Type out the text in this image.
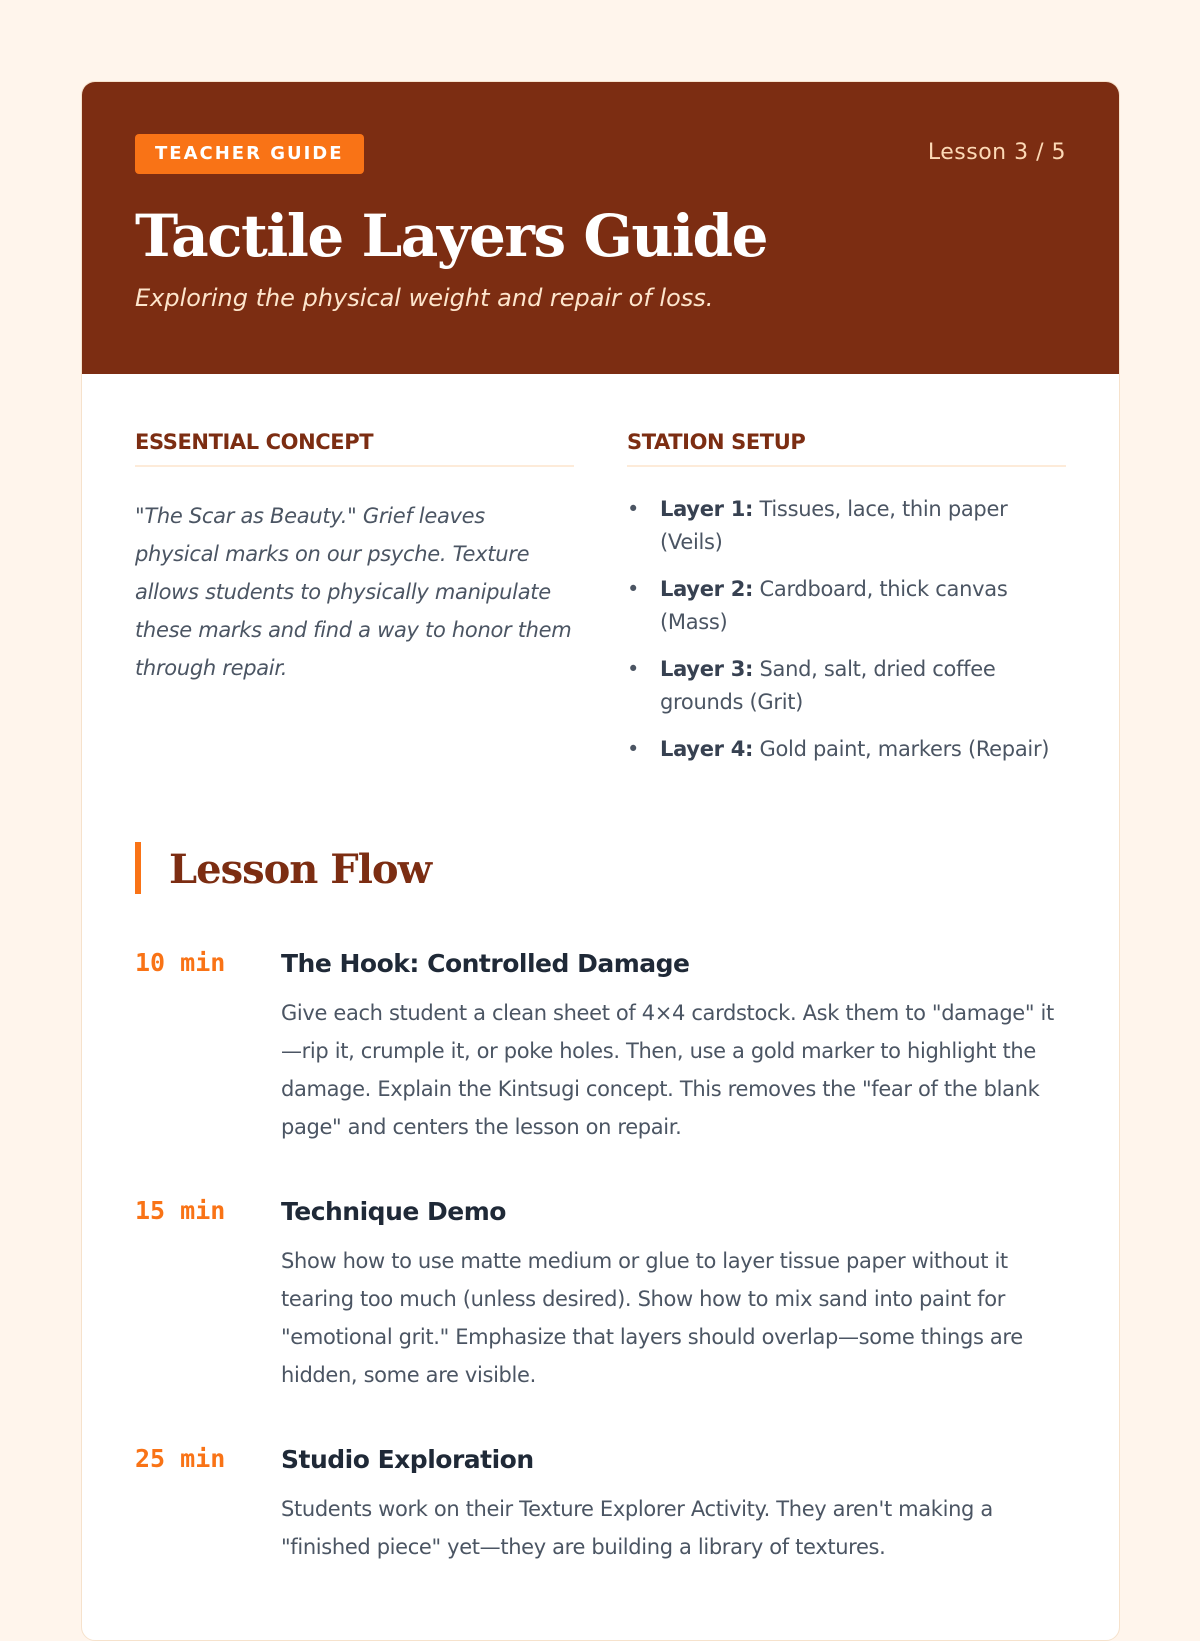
TEACHER GUIDE	Lesson 3 / 5
Tactile Layers Guide

Exploring the physical weight and repair of loss.

ESSENTIAL CONCEPT

"The Scar as Beauty." Grief leaves physical marks on our psyche. Texture allows students to physically manipulate these marks and find a way to honor them through repair.

STATION SETUP
• Layer 1: Tissues, lace, thin paper (Veils)
• Layer 2: Cardboard, thick canvas (Mass)
• Layer 3: Sand, salt, dried coffee grounds (Grit)
• Layer 4: Gold paint, markers (Repair)
Lesson Flow
10 min	The Hook: Controlled Damage

Give each student a clean sheet of 4×4 cardstock. Ask them to "damage" it—rip it, crumple it, or poke holes. Then, use a gold marker to highlight the damage. Explain the Kintsugi concept. This removes the "fear of the blank page" and centers the lesson on repair.

15 min	Technique Demo

Show how to use matte medium or glue to layer tissue paper without it tearing too much (unless desired). Show how to mix sand into paint for "emotional grit." Emphasize that layers should overlap—some things are hidden, some are visible.

25 min	Studio Exploration

Students work on their Texture Explorer Activity. They aren't making a "finished piece" yet—they are building a library of textures.
